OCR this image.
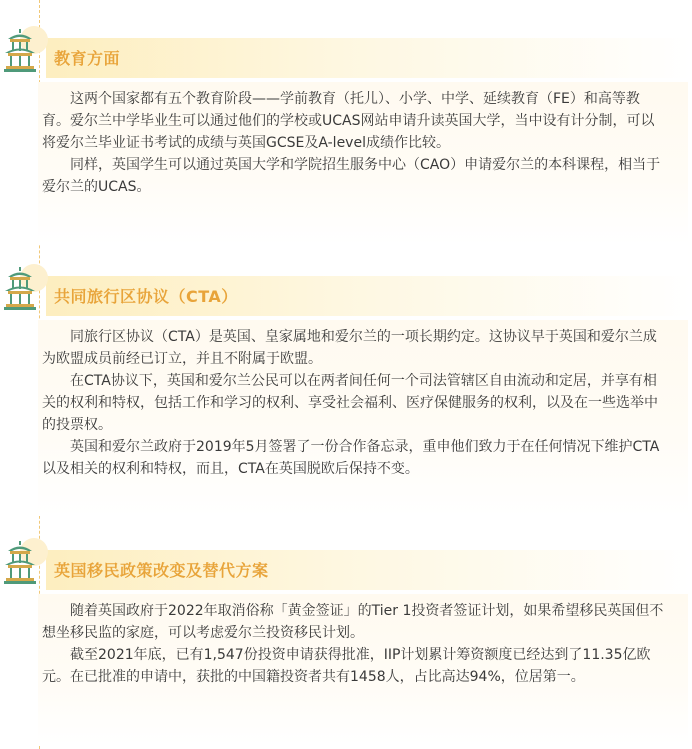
教育方面

这两个国家都有五个教育阶段——学前教育（托儿）、小学、中学、延续教育（FE）和高等教育。爱尔兰中学毕业生可以通过他们的学校或UCAS网站申请升读英国大学，当中设有计分制，可以将爱尔兰毕业证书考试的成绩与英国GCSE及A-level成绩作比较。

同样，英国学生可以通过英国大学和学院招生服务中心（CAO）申请爱尔兰的本科课程，相当于爱尔兰的UCAS。

共同旅行区协议（CTA）

同旅行区协议（CTA）是英国、皇家属地和爱尔兰的一项长期约定。这协议早于英国和爱尔兰成为欧盟成员前经已订立，并且不附属于欧盟。

在CTA协议下，英国和爱尔兰公民可以在两者间任何一个司法管辖区自由流动和定居，并享有相关的权利和特权，包括工作和学习的权利、享受社会福利、医疗保健服务的权利，以及在一些选举中的投票权。

英国和爱尔兰政府于2019年5月签署了一份合作备忘录，重申他们致力于在任何情况下维护CTA以及相关的权利和特权，而且，CTA在英国脱欧后保持不变。

英国移民政策改变及替代方案

随着英国政府于2022年取消俗称「黄金签证」的Tier 1投资者签证计划，如果希望移民英国但不想坐移民监的家庭，可以考虑爱尔兰投资移民计划。

截至2021年底，已有1,547份投资申请获得批准，IIP计划累计筹资额度已经达到了11.35亿欧元。在已批准的申请中，获批的中国籍投资者共有1458人，占比高达94%，位居第一。
